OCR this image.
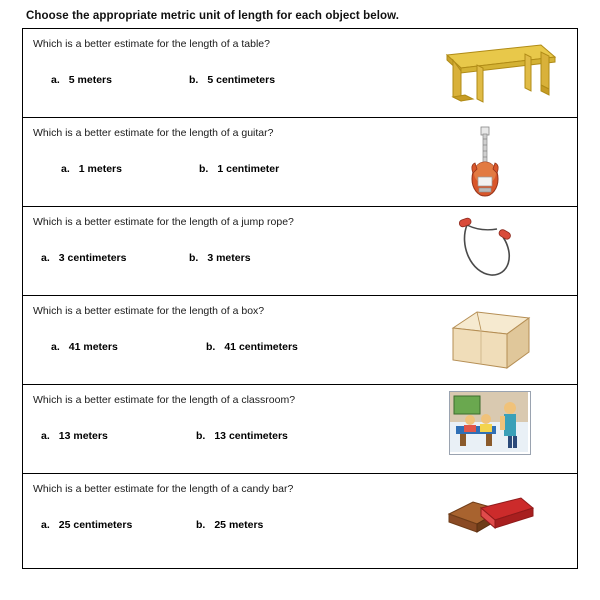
Choose the appropriate metric unit of length for each object below.
Which is a better estimate for the length of a table?
a. 5 meters	b. 5 centimeters
Which is a better estimate for the length of a guitar?
a. 1 meters	b. 1 centimeter
Which is a better estimate for the length of a jump rope?
a. 3 centimeters	b. 3 meters
Which is a better estimate for the length of a box?
a. 41 meters	b. 41 centimeters
Which is a better estimate for the length of a classroom?
a. 13 meters	b. 13 centimeters
Which is a better estimate for the length of a candy bar?
a. 25 centimeters	b. 25 meters
